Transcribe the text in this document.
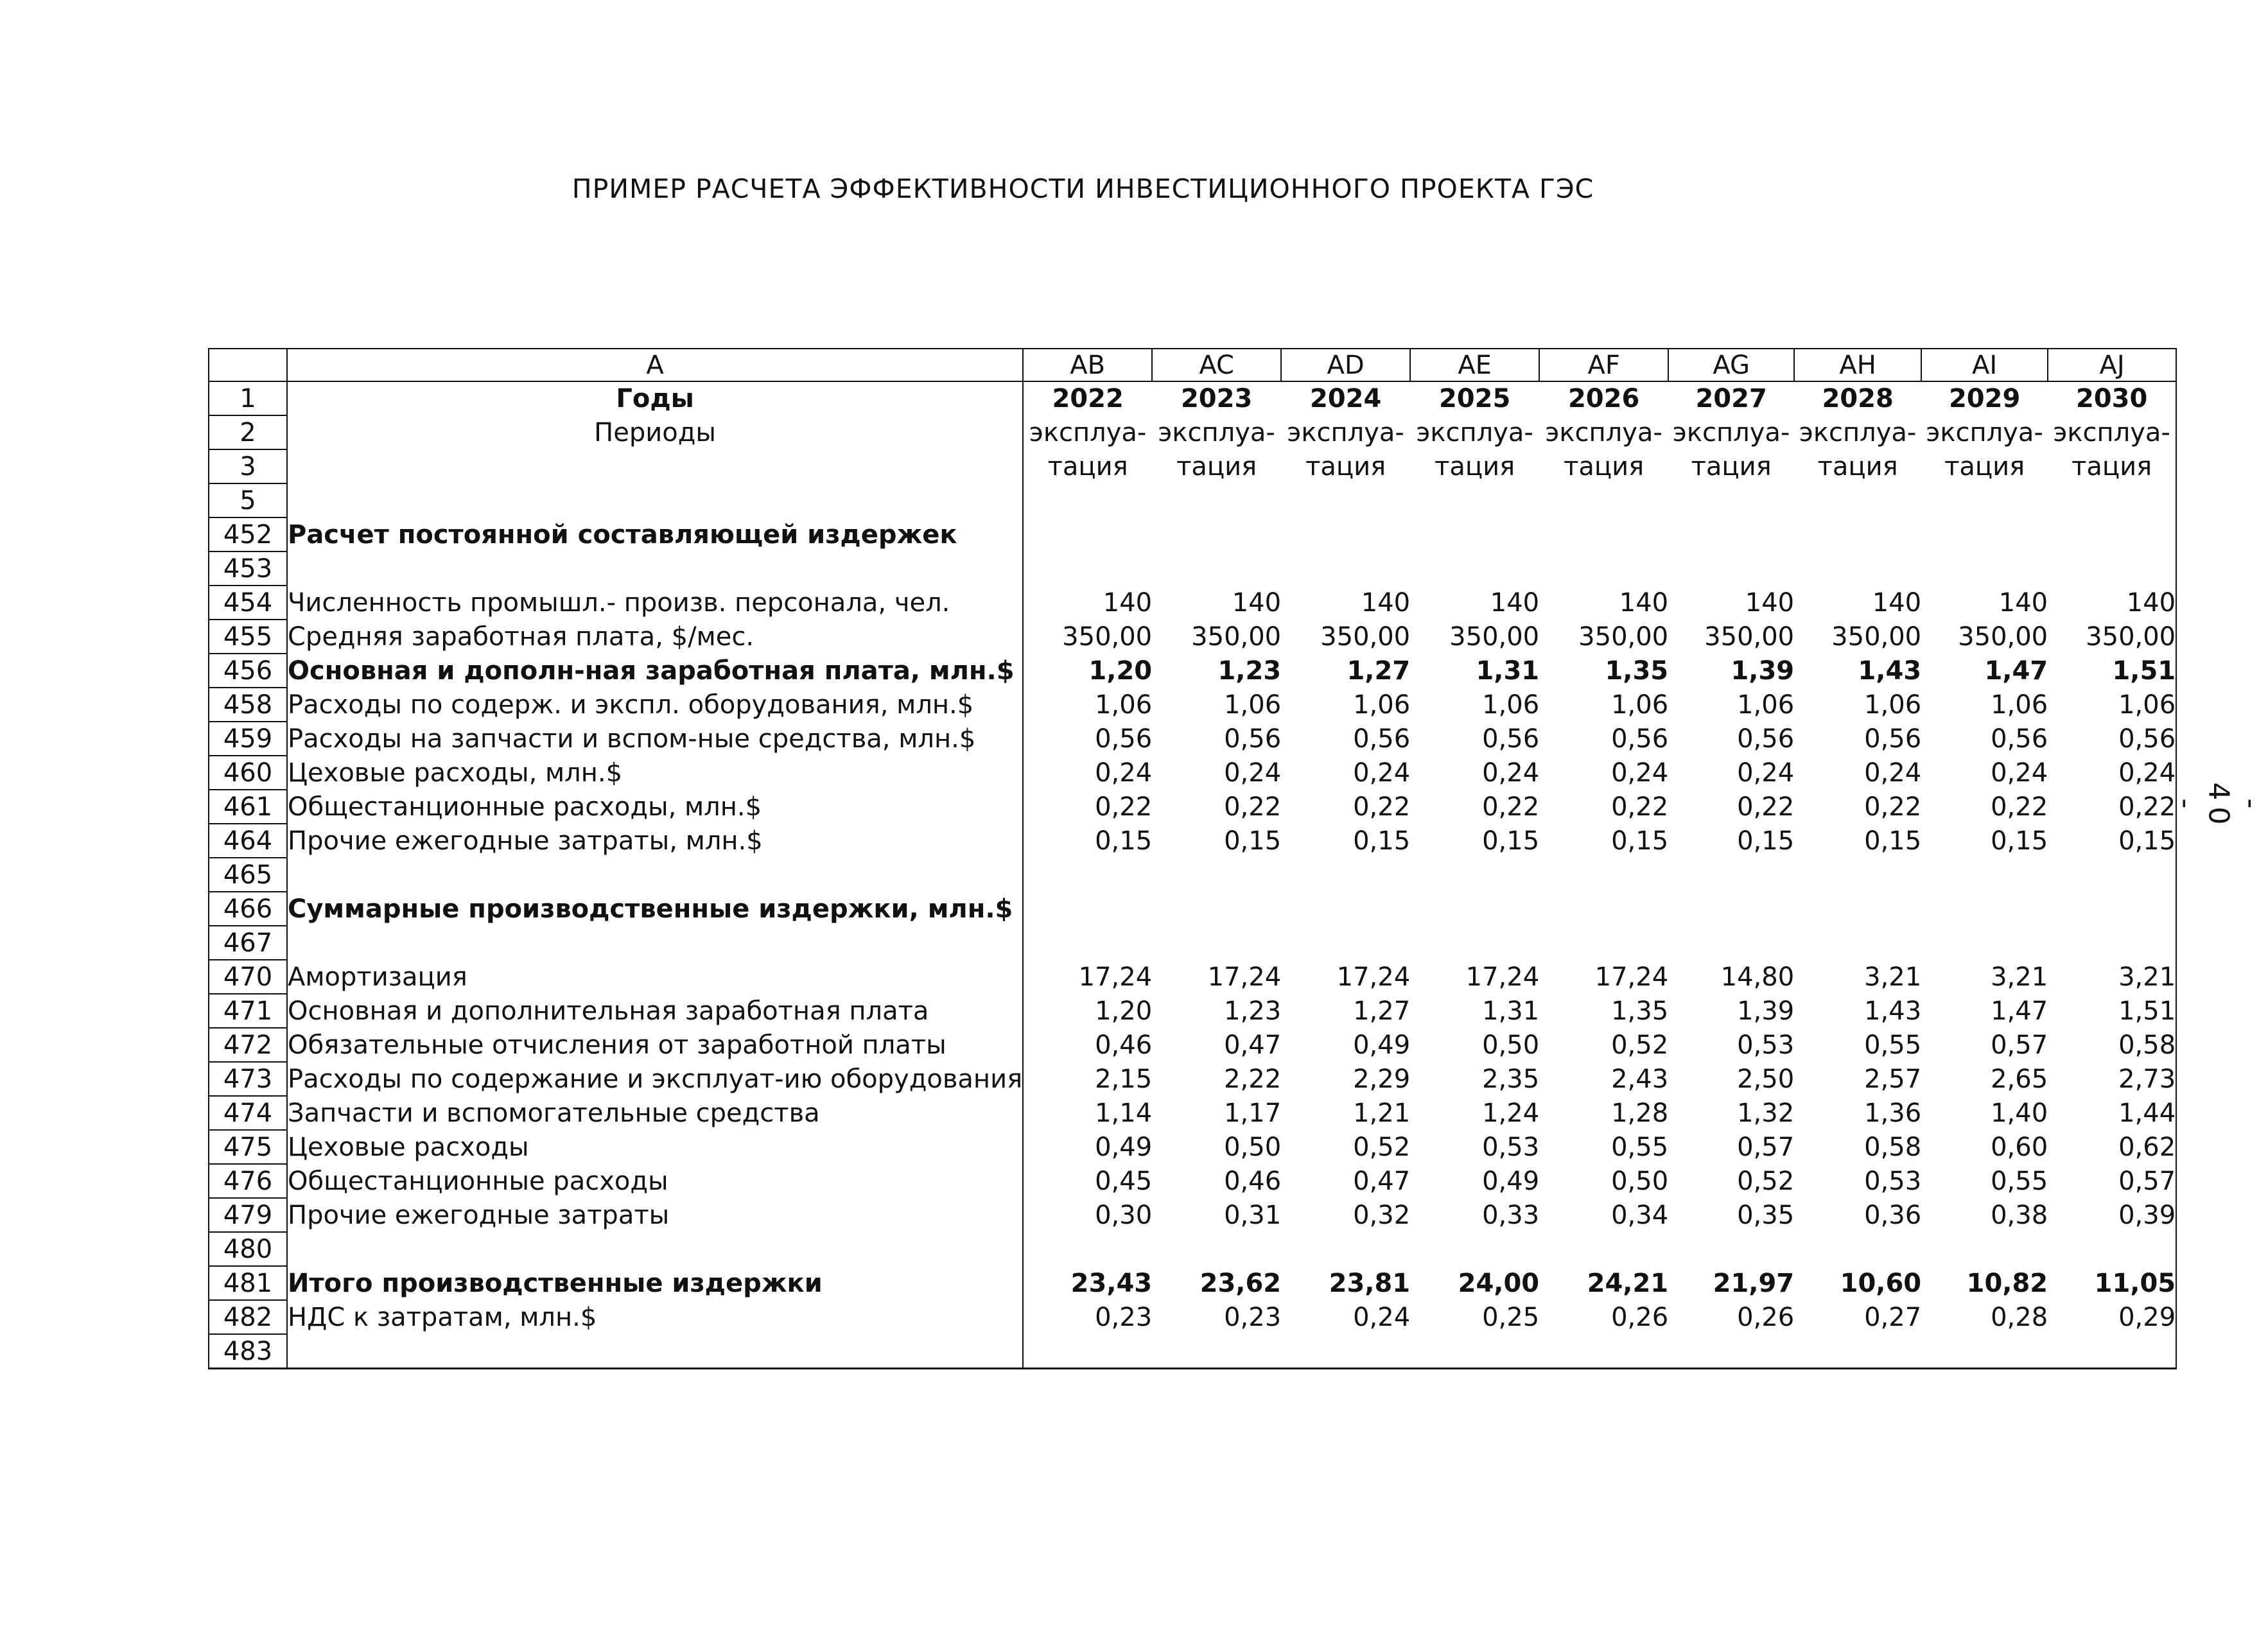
ПРИМЕР РАСЧЕТА ЭФФЕКТИВНОСТИ ИНВЕСТИЦИОННОГО ПРОЕКТА ГЭС
- 40 -
	A	AB	AC	AD	AE	AF	AG	AH	AI	AJ
1	Годы	2022	2023	2024	2025	2026	2027	2028	2029	2030
2	Периоды	эксплуа-	эксплуа-	эксплуа-	эксплуа-	эксплуа-	эксплуа-	эксплуа-	эксплуа-	эксплуа-
3		тация	тация	тация	тация	тация	тация	тация	тация	тация
5										
452	Расчет постоянной составляющей издержек									
453										
454	Численность промышл.- произв. персонала, чел.	140	140	140	140	140	140	140	140	140
455	Средняя заработная плата, $/мес.	350,00	350,00	350,00	350,00	350,00	350,00	350,00	350,00	350,00
456	Основная и дополн-ная заработная плата, млн.$	1,20	1,23	1,27	1,31	1,35	1,39	1,43	1,47	1,51
458	Расходы по содерж. и экспл. оборудования, млн.$	1,06	1,06	1,06	1,06	1,06	1,06	1,06	1,06	1,06
459	Расходы на запчасти и вспом-ные средства, млн.$	0,56	0,56	0,56	0,56	0,56	0,56	0,56	0,56	0,56
460	Цеховые расходы, млн.$	0,24	0,24	0,24	0,24	0,24	0,24	0,24	0,24	0,24
461	Общестанционные расходы, млн.$	0,22	0,22	0,22	0,22	0,22	0,22	0,22	0,22	0,22
464	Прочие ежегодные затраты, млн.$	0,15	0,15	0,15	0,15	0,15	0,15	0,15	0,15	0,15
465										
466	Суммарные производственные издержки, млн.$									
467										
470	Амортизация	17,24	17,24	17,24	17,24	17,24	14,80	3,21	3,21	3,21
471	Основная и дополнительная заработная плата	1,20	1,23	1,27	1,31	1,35	1,39	1,43	1,47	1,51
472	Обязательные отчисления от заработной платы	0,46	0,47	0,49	0,50	0,52	0,53	0,55	0,57	0,58
473	Расходы по содержание и эксплуат-ию оборудования	2,15	2,22	2,29	2,35	2,43	2,50	2,57	2,65	2,73
474	Запчасти и вспомогательные средства	1,14	1,17	1,21	1,24	1,28	1,32	1,36	1,40	1,44
475	Цеховые расходы	0,49	0,50	0,52	0,53	0,55	0,57	0,58	0,60	0,62
476	Общестанционные расходы	0,45	0,46	0,47	0,49	0,50	0,52	0,53	0,55	0,57
479	Прочие ежегодные затраты	0,30	0,31	0,32	0,33	0,34	0,35	0,36	0,38	0,39
480										
481	Итого производственные издержки	23,43	23,62	23,81	24,00	24,21	21,97	10,60	10,82	11,05
482	НДС к затратам, млн.$	0,23	0,23	0,24	0,25	0,26	0,26	0,27	0,28	0,29
483										
